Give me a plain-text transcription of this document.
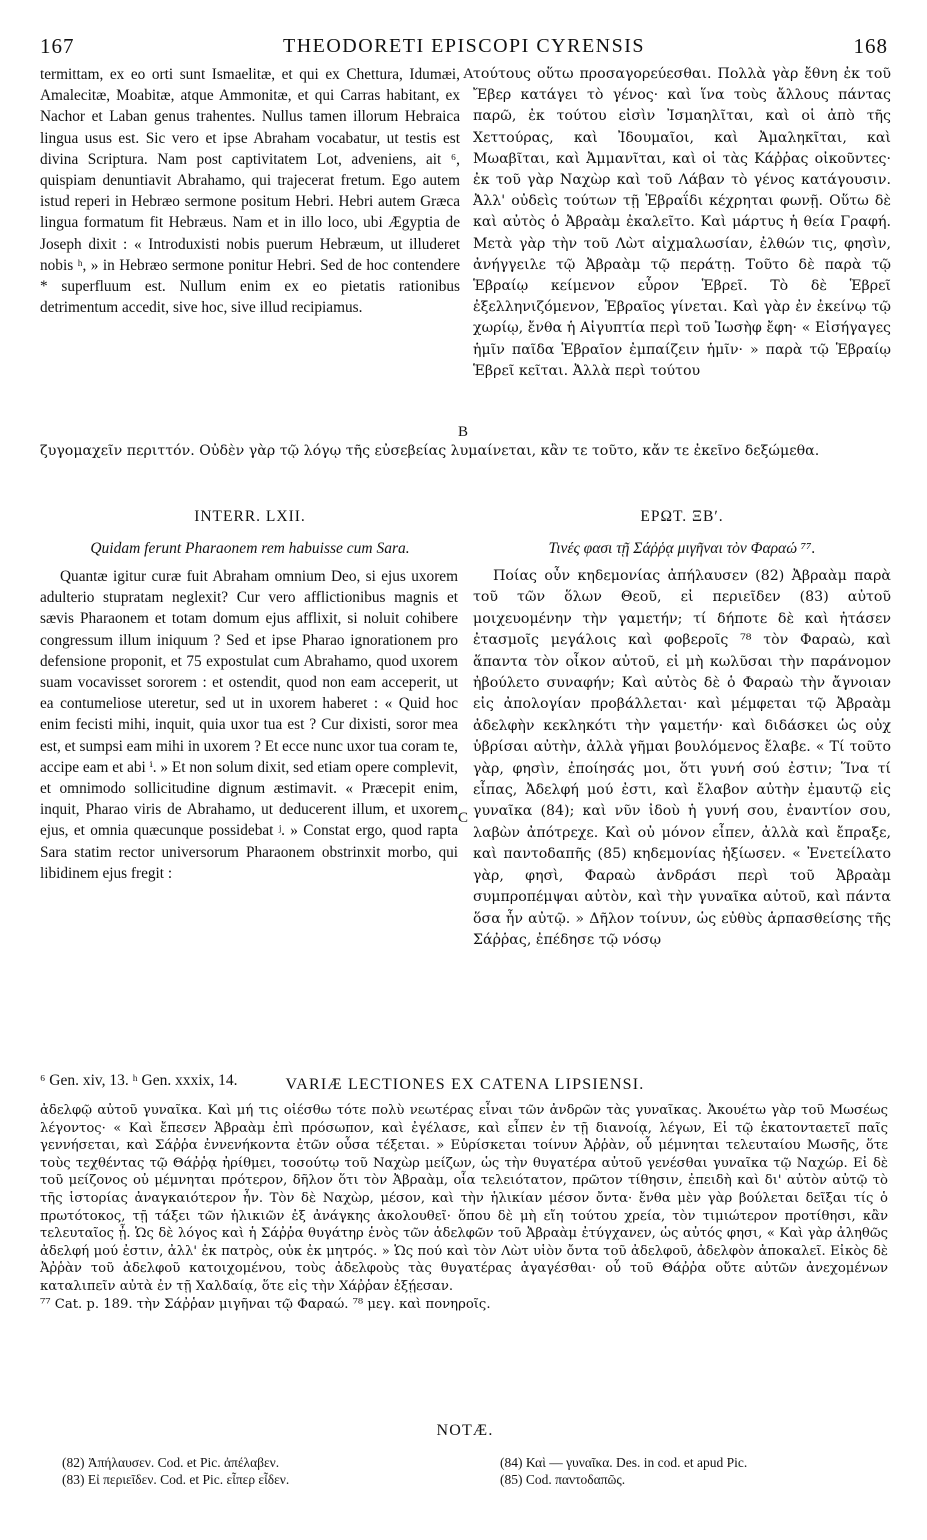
167	THEODORETI EPISCOPI CYRENSIS	168
A
B
C

termittam, ex eo orti sunt Ismaelitæ, et qui ex Chettura, Idumæi, Amalecitæ, Moabitæ, atque Ammonitæ, et qui Carras habitant, ex Nachor et Laban genus trahentes. Nullus tamen illorum Hebraica lingua usus est. Sic vero et ipse Abraham vocabatur, ut testis est divina Scriptura. Nam post captivitatem Lot, adveniens, ait ⁶, quispiam denuntiavit Abrahamo, qui trajecerat fretum. Ego autem istud reperi in Hebræo sermone positum Hebri. Hebri autem Græca lingua formatum fit Hebræus. Nam et in illo loco, ubi Ægyptia de Joseph dixit : « Introduxisti nobis puerum Hebræum, ut illuderet nobis ʰ, » in Hebræo sermone ponitur Hebri. Sed de hoc contendere * superfluum est. Nullum enim ex eo pietatis rationibus detrimentum accedit, sive hoc, sive illud recipiamus.

τούτους οὕτω προσαγορεύεσθαι. Πολλὰ γὰρ ἔθνη ἐκ τοῦ Ἔβερ κατάγει τὸ γένος· καὶ ἵνα τοὺς ἄλλους πάντας παρῶ, ἐκ τούτου εἰσὶν Ἰσμαηλῖται, καὶ οἱ ἀπὸ τῆς Χεττούρας, καὶ Ἰδουμαῖοι, καὶ Ἀμαληκῖται, καὶ Μωαβῖται, καὶ Ἀμμανῖται, καὶ οἱ τὰς Κάῤῥας οἰκοῦντες· ἐκ τοῦ γὰρ Ναχὼρ καὶ τοῦ Λάβαν τὸ γένος κατάγουσιν. Ἀλλ' οὐδεὶς τούτων τῇ Ἑβραΐδι κέχρηται φωνῇ. Οὕτω δὲ καὶ αὐτὸς ὁ Ἀβραὰμ ἐκαλεῖτο. Καὶ μάρτυς ἡ θεία Γραφή. Μετὰ γὰρ τὴν τοῦ Λὼτ αἰχμαλωσίαν, ἐλθών τις, φησὶν, ἀνήγγειλε τῷ Ἀβραὰμ τῷ περάτῃ. Τοῦτο δὲ παρὰ τῷ Ἑβραίῳ κείμενον εὗρον Ἑβρεῖ. Τὸ δὲ Ἑβρεῖ ἐξελληνιζόμενον, Ἑβραῖος γίνεται. Καὶ γὰρ ἐν ἐκείνῳ τῷ χωρίῳ, ἔνθα ἡ Αἰγυπτία περὶ τοῦ Ἰωσὴφ ἔφη· « Εἰσήγαγες ἡμῖν παῖδα Ἑβραῖον ἐμπαίζειν ἡμῖν· » παρὰ τῷ Ἑβραίῳ Ἑβρεῖ κεῖται. Ἀλλὰ περὶ τούτου

ζυγομαχεῖν περιττόν. Οὐδὲν γὰρ τῷ λόγῳ τῆς εὐσεβείας λυμαίνεται, κἂν τε τοῦτο, κἄν τε ἐκεῖνο δεξώμεθα.
INTERR. LXII.	ΕΡΩΤ. ΞΒʹ.
Quidam ferunt Pharaonem rem habuisse cum Sara.	Τινές φασι τῇ Σάῤῥᾳ μιγῆναι τὸν Φαραώ ⁷⁷.

Quantæ igitur curæ fuit Abraham omnium Deo, si ejus uxorem adulterio stupratam neglexit? Cur vero afflictionibus magnis et sævis Pharaonem et totam domum ejus afflixit, si noluit cohibere congressum illum iniquum ? Sed et ipse Pharao ignorationem pro defensione proponit, et 75 expostulat cum Abrahamo, quod uxorem suam vocavisset sororem : et ostendit, quod non eam acceperit, ut ea contumeliose uteretur, sed ut in uxorem haberet : « Quid hoc enim fecisti mihi, inquit, quia uxor tua est ? Cur dixisti, soror mea est, et sumpsi eam mihi in uxorem ? Et ecce nunc uxor tua coram te, accipe eam et abi ⁱ. » Et non solum dixit, sed etiam opere complevit, et omnimodo sollicitudine dignum æstimavit. « Præcepit enim, inquit, Pharao viris de Abrahamo, ut deducerent illum, et uxorem ejus, et omnia quæcunque possidebat ʲ. » Constat ergo, quod rapta Sara statim rector universorum Pharaonem obstrinxit morbo, qui libidinem ejus fregit :

Ποίας οὖν κηδεμονίας ἀπήλαυσεν (82) Ἀβραὰμ παρὰ τοῦ τῶν ὅλων Θεοῦ, εἰ περιεῖδεν (83) αὐτοῦ μοιχευομένην τὴν γαμετήν; τί δήποτε δὲ καὶ ἠτάσεν ἐτασμοῖς μεγάλοις καὶ φοβεροῖς ⁷⁸ τὸν Φαραὼ, καὶ ἅπαντα τὸν οἶκον αὐτοῦ, εἰ μὴ κωλῦσαι τὴν παράνομον ἠβούλετο συναφήν; Καὶ αὐτὸς δὲ ὁ Φαραὼ τὴν ἄγνοιαν εἰς ἀπολογίαν προβάλλεται· καὶ μέμφεται τῷ Ἀβραὰμ ἀδελφὴν κεκληκότι τὴν γαμετήν· καὶ διδάσκει ὡς οὐχ ὑβρίσαι αὐτὴν, ἀλλὰ γῆμαι βουλόμενος ἔλαβε. « Τί τοῦτο γὰρ, φησὶν, ἐποίησάς μοι, ὅτι γυνή σού ἐστιν; Ἵνα τί εἶπας, Ἀδελφή μού ἐστι, καὶ ἔλαβον αὐτὴν ἐμαυτῷ εἰς γυναῖκα (84); καὶ νῦν ἰδοὺ ἡ γυνή σου, ἐναντίον σου, λαβὼν ἀπότρεχε. Καὶ οὐ μόνον εἶπεν, ἀλλὰ καὶ ἔπραξε, καὶ παντοδαπῆς (85) κηδεμονίας ἠξίωσεν. « Ἐνετείλατο γὰρ, φησὶ, Φαραὼ ἀνδράσι περὶ τοῦ Ἀβραὰμ συμπροπέμψαι αὐτὸν, καὶ τὴν γυναῖκα αὐτοῦ, καὶ πάντα ὅσα ἦν αὐτῷ. » Δῆλον τοίνυν, ὡς εὐθὺς ἁρπασθείσης τῆς Σάῤῥας, ἐπέδησε τῷ νόσῳ

⁶ Gen. xiv, 13. ʰ Gen. xxxix, 14.	VARIÆ LECTIONES EX CATENA LIPSIENSI.

ἀδελφῷ αὐτοῦ γυναῖκα. Καὶ μή τις οἰέσθω τότε πολὺ νεωτέρας εἶναι τῶν ἀνδρῶν τὰς γυναῖκας. Ἀκουέτω γὰρ τοῦ Μωσέως λέγοντος· « Καὶ ἔπεσεν Ἀβραὰμ ἐπὶ πρόσωπον, καὶ ἐγέλασε, καὶ εἶπεν ἐν τῇ διανοίᾳ, λέγων, Εἰ τῷ ἑκατονταετεῖ παῖς γεννήσεται, καὶ Σάῤῥα ἐννενήκοντα ἐτῶν οὖσα τέξεται. » Εὑρίσκεται τοίνυν Ἀῤῥὰν, οὗ μέμνηται τελευταίου Μωσῆς, ὅτε τοὺς τεχθέντας τῷ Θάῤῥᾳ ἠρίθμει, τοσούτῳ τοῦ Ναχὼρ μείζων, ὡς τὴν θυγατέρα αὐτοῦ γενέσθαι γυναῖκα τῷ Ναχώρ. Εἰ δὲ τοῦ μείζονος οὐ μέμνηται πρότερον, δῆλον ὅτι τὸν Ἀβραὰμ, οἷα τελειότατον, πρῶτον τίθησιν, ἐπειδὴ καὶ δι' αὐτὸν αὐτῷ τὸ τῆς ἱστορίας ἀναγκαιότερον ἦν. Τὸν δὲ Ναχὼρ, μέσον, καὶ τὴν ἡλικίαν μέσον ὄντα· ἔνθα μὲν γὰρ βούλεται δεῖξαι τίς ὁ πρωτότοκος, τῇ τάξει τῶν ἡλικιῶν ἐξ ἀνάγκης ἀκολουθεῖ· ὅπου δὲ μὴ εἴη τούτου χρεία, τὸν τιμιώτερον προτίθησι, κἂν τελευταῖος ᾖ. Ὡς δὲ λόγος καὶ ἡ Σάῤῥα θυγάτηρ ἑνὸς τῶν ἀδελφῶν τοῦ Ἀβραὰμ ἐτύγχανεν, ὡς αὐτός φησι, « Καὶ γὰρ ἀληθῶς ἀδελφή μού ἐστιν, ἀλλ' ἐκ πατρὸς, οὐκ ἐκ μητρός. » Ὡς πού καὶ τὸν Λὼτ υἱὸν ὄντα τοῦ ἀδελφοῦ, ἀδελφὸν ἀποκαλεῖ. Εἰκὸς δὲ Ἀῤῥὰν τοῦ ἀδελφοῦ κατοιχομένου, τοὺς ἀδελφοὺς τὰς θυγατέρας ἀγαγέσθαι· οὗ τοῦ Θάῤῥα οὔτε αὐτῶν ἀνεχομένων καταλιπεῖν αὐτὰ ἐν τῇ Χαλδαίᾳ, ὅτε εἰς τὴν Χάῤῥαν ἐξῄεσαν.

⁷⁷ Cat. p. 189. τὴν Σάῤῥαν μιγῆναι τῷ Φαραώ. ⁷⁸ μεγ. καὶ πονηροῖς.

NOTÆ.
(82) Ἀπήλαυσεν. Cod. et Pic. ἀπέλαβεν.
(83) Εἰ περιεῖδεν. Cod. et Pic. εἶπερ εἶδεν.
(84) Καὶ — γυναῖκα. Des. in cod. et apud Pic.
(85) Cod. παντοδαπῶς.
